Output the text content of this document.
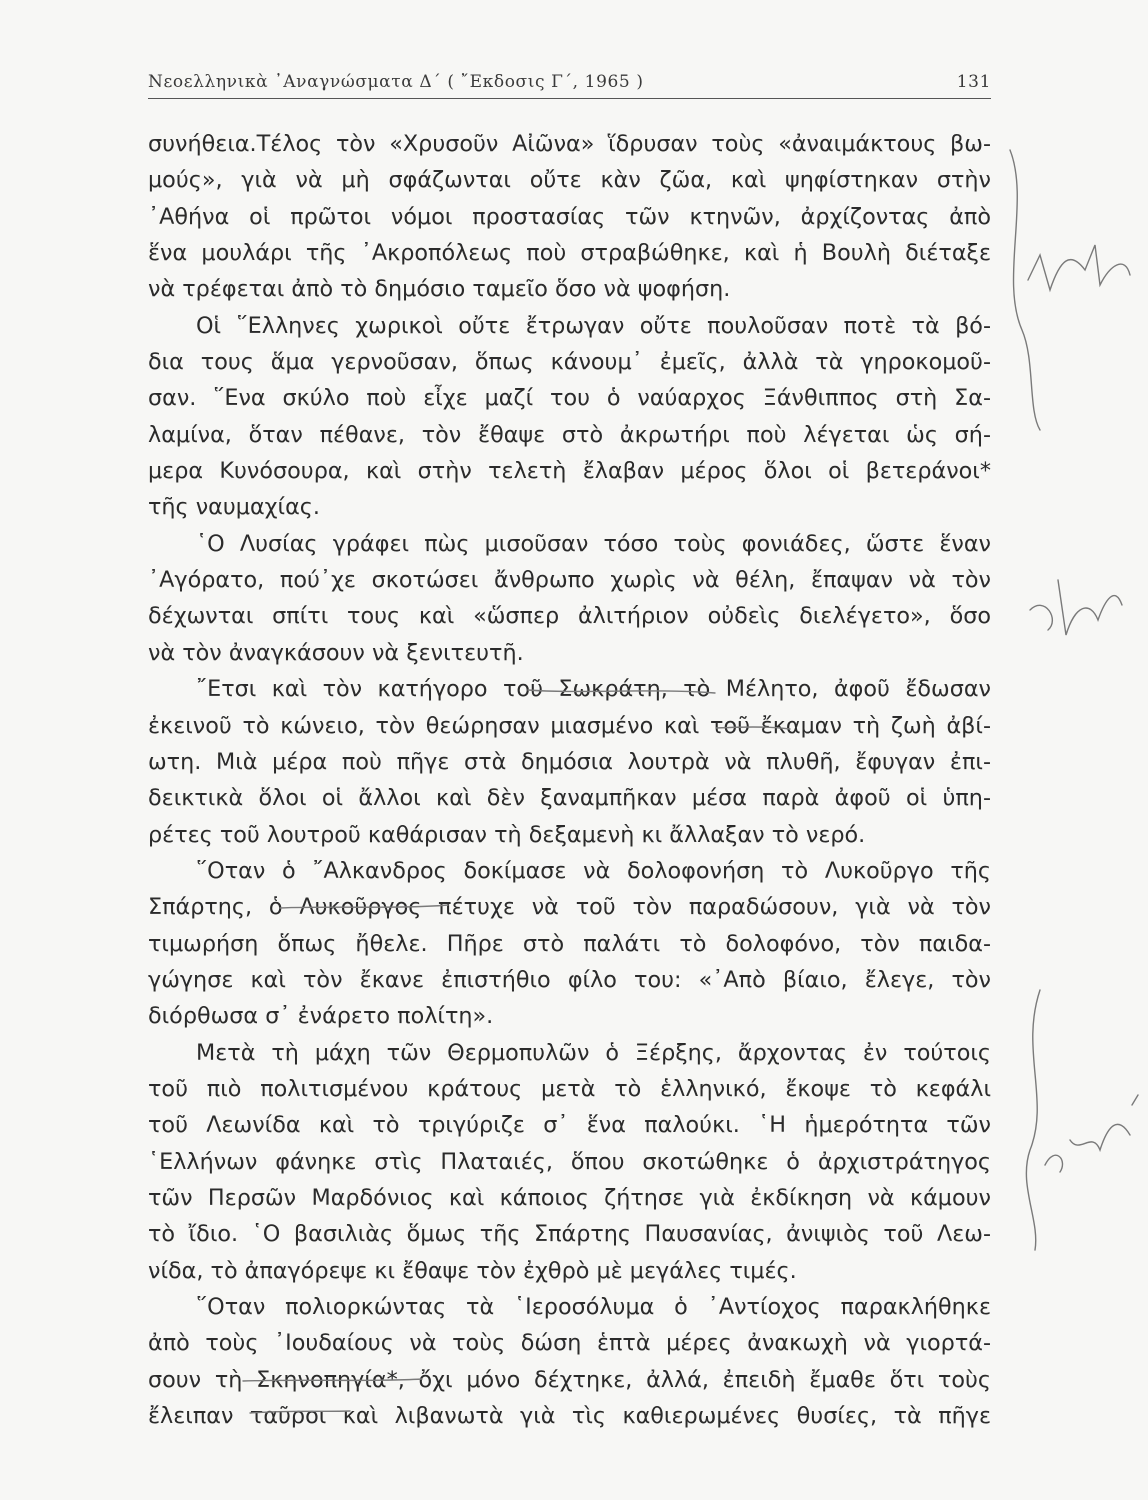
Νεοελληνικὰ ᾿Αναγνώσματα Δ΄ ( ῎Εκδοσις Γ΄, 1965 )	131
συνήθεια.Τέλος τὸν «Χρυσοῦν Αἰῶνα» ἵδρυσαν τοὺς «ἀναιμάκτους βω-
μούς», γιὰ νὰ μὴ σφάζωνται οὔτε κὰν ζῶα, καὶ ψηφίστηκαν στὴν
᾿Αθήνα οἱ πρῶτοι νόμοι προστασίας τῶν κτηνῶν, ἀρχίζοντας ἀπὸ
ἕνα μουλάρι τῆς ᾿Ακροπόλεως ποὺ στραβώθηκε, καὶ ἡ Βουλὴ διέταξε
νὰ τρέφεται ἀπὸ τὸ δημόσιο ταμεῖο ὅσο νὰ ψοφήση.
Οἱ ῞Ελληνες χωρικοὶ οὔτε ἔτρωγαν οὔτε πουλοῦσαν ποτὲ τὰ βό-
δια τους ἅμα γερνοῦσαν, ὅπως κάνουμ᾿ ἐμεῖς, ἀλλὰ τὰ γηροκομοῦ-
σαν. ῞Ενα σκύλο ποὺ εἶχε μαζί του ὁ ναύαρχος Ξάνθιππος στὴ Σα-
λαμίνα, ὅταν πέθανε, τὸν ἔθαψε στὸ ἀκρωτήρι ποὺ λέγεται ὡς σή-
μερα Κυνόσουρα, καὶ στὴν τελετὴ ἔλαβαν μέρος ὅλοι οἱ βετεράνοι*
τῆς ναυμαχίας.
῾Ο Λυσίας γράφει πὼς μισοῦσαν τόσο τοὺς φονιάδες, ὥστε ἕναν
᾿Αγόρατο, πού᾿χε σκοτώσει ἄνθρωπο χωρὶς νὰ θέλη, ἔπαψαν νὰ τὸν
δέχωνται σπίτι τους καὶ «ὥσπερ ἀλιτήριον οὐδεὶς διελέγετο», ὅσο
νὰ τὸν ἀναγκάσουν νὰ ξενιτευτῆ.
῎Ετσι καὶ τὸν κατήγορο τοῦ Σωκράτη, τὸ Μέλητο, ἀφοῦ ἔδωσαν
ἐκεινοῦ τὸ κώνειο, τὸν θεώρησαν μιασμένο καὶ τοῦ ἔκαμαν τὴ ζωὴ ἀβί-
ωτη. Μιὰ μέρα ποὺ πῆγε στὰ δημόσια λουτρὰ νὰ πλυθῆ, ἔφυγαν ἐπι-
δεικτικὰ ὅλοι οἱ ἄλλοι καὶ δὲν ξαναμπῆκαν μέσα παρὰ ἀφοῦ οἱ ὑπη-
ρέτες τοῦ λουτροῦ καθάρισαν τὴ δεξαμενὴ κι ἄλλαξαν τὸ νερό.
῞Οταν ὁ ῎Αλκανδρος δοκίμασε νὰ δολοφονήση τὸ Λυκοῦργο τῆς
Σπάρτης, ὁ Λυκοῦργος πέτυχε νὰ τοῦ τὸν παραδώσουν, γιὰ νὰ τὸν
τιμωρήση ὅπως ἤθελε. Πῆρε στὸ παλάτι τὸ δολοφόνο, τὸν παιδα-
γώγησε καὶ τὸν ἔκανε ἐπιστήθιο φίλο του: «᾿Απὸ βίαιο, ἔλεγε, τὸν
διόρθωσα σ᾿ ἐνάρετο πολίτη».
Μετὰ τὴ μάχη τῶν Θερμοπυλῶν ὁ Ξέρξης, ἄρχοντας ἐν τούτοις
τοῦ πιὸ πολιτισμένου κράτους μετὰ τὸ ἑλληνικό, ἔκοψε τὸ κεφάλι
τοῦ Λεωνίδα καὶ τὸ τριγύριζε σ᾿ ἕνα παλούκι. ῾Η ἡμερότητα τῶν
῾Ελλήνων φάνηκε στὶς Πλαταιές, ὅπου σκοτώθηκε ὁ ἀρχιστράτηγος
τῶν Περσῶν Μαρδόνιος καὶ κάποιος ζήτησε γιὰ ἐκδίκηση νὰ κάμουν
τὸ ἴδιο. ῾Ο βασιλιὰς ὅμως τῆς Σπάρτης Παυσανίας, ἀνιψιὸς τοῦ Λεω-
νίδα, τὸ ἀπαγόρεψε κι ἔθαψε τὸν ἐχθρὸ μὲ μεγάλες τιμές.
῞Οταν πολιορκώντας τὰ ῾Ιεροσόλυμα ὁ ᾿Αντίοχος παρακλήθηκε
ἀπὸ τοὺς ᾿Ιουδαίους νὰ τοὺς δώση ἑπτὰ μέρες ἀνακωχὴ νὰ γιορτά-
σουν τὴ Σκηνοπηγία*, ὄχι μόνο δέχτηκε, ἀλλά, ἐπειδὴ ἔμαθε ὅτι τοὺς
ἔλειπαν ταῦροι καὶ λιβανωτὰ γιὰ τὶς καθιερωμένες θυσίες, τὰ πῆγε
